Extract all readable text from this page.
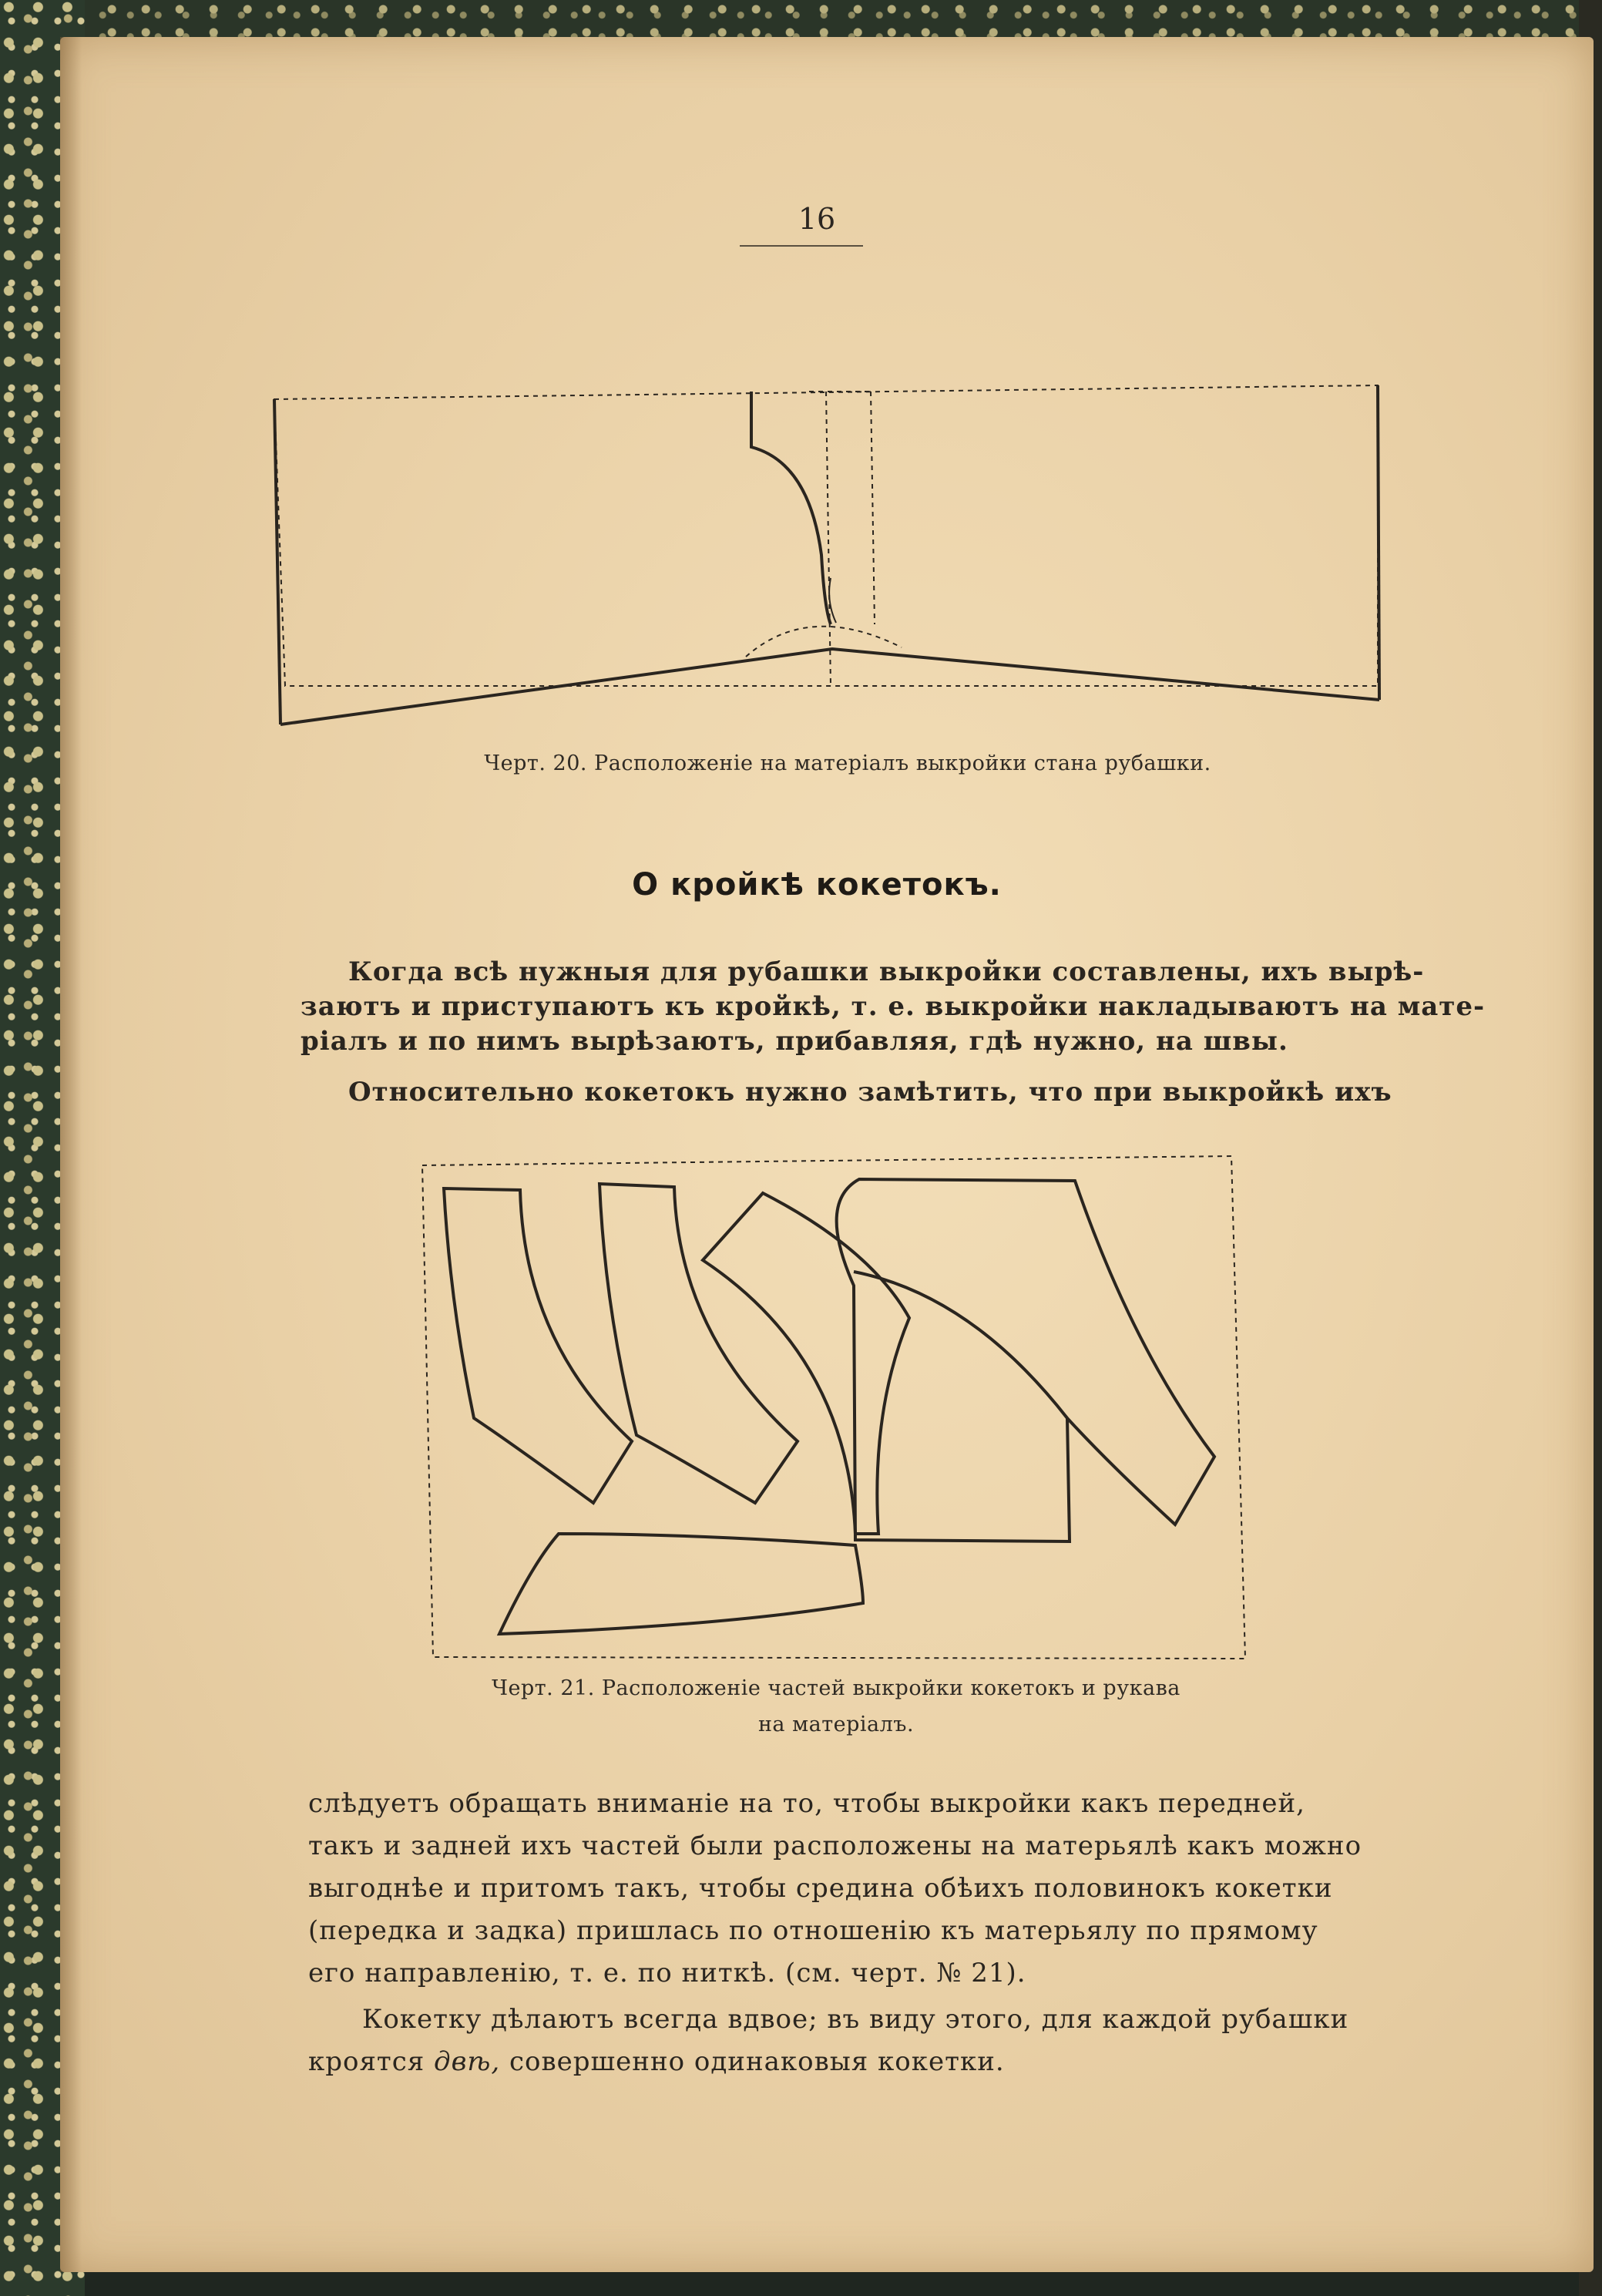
16
Черт. 20. Расположеніе на матеріалъ выкройки стана рубашки.
О кройкѣ кокетокъ.
Когда всѣ нужныя для рубашки выкройки составлены, ихъ вырѣ-
заютъ и приступаютъ къ кройкѣ, т. е. выкройки накладываютъ на мате-
ріалъ и по нимъ вырѣзаютъ, прибавляя, гдѣ нужно, на швы.
Относительно кокетокъ нужно замѣтить, что при выкройкѣ ихъ
Черт. 21. Расположеніе частей выкройки кокетокъ и рукава
на матеріалъ.
слѣдуетъ обращать вниманіе на то, чтобы выкройки какъ передней,
такъ и задней ихъ частей были расположены на матерьялѣ какъ можно
выгоднѣе и притомъ такъ, чтобы средина обѣихъ половинокъ кокетки
(передка и задка) пришлась по отношенію къ матерьялу по прямому
его направленію, т. е. по ниткѣ. (см. черт. № 21).
Кокетку дѣлаютъ всегда вдвое; въ виду этого, для каждой рубашки
кроятся двѣ, совершенно одинаковыя кокетки.
